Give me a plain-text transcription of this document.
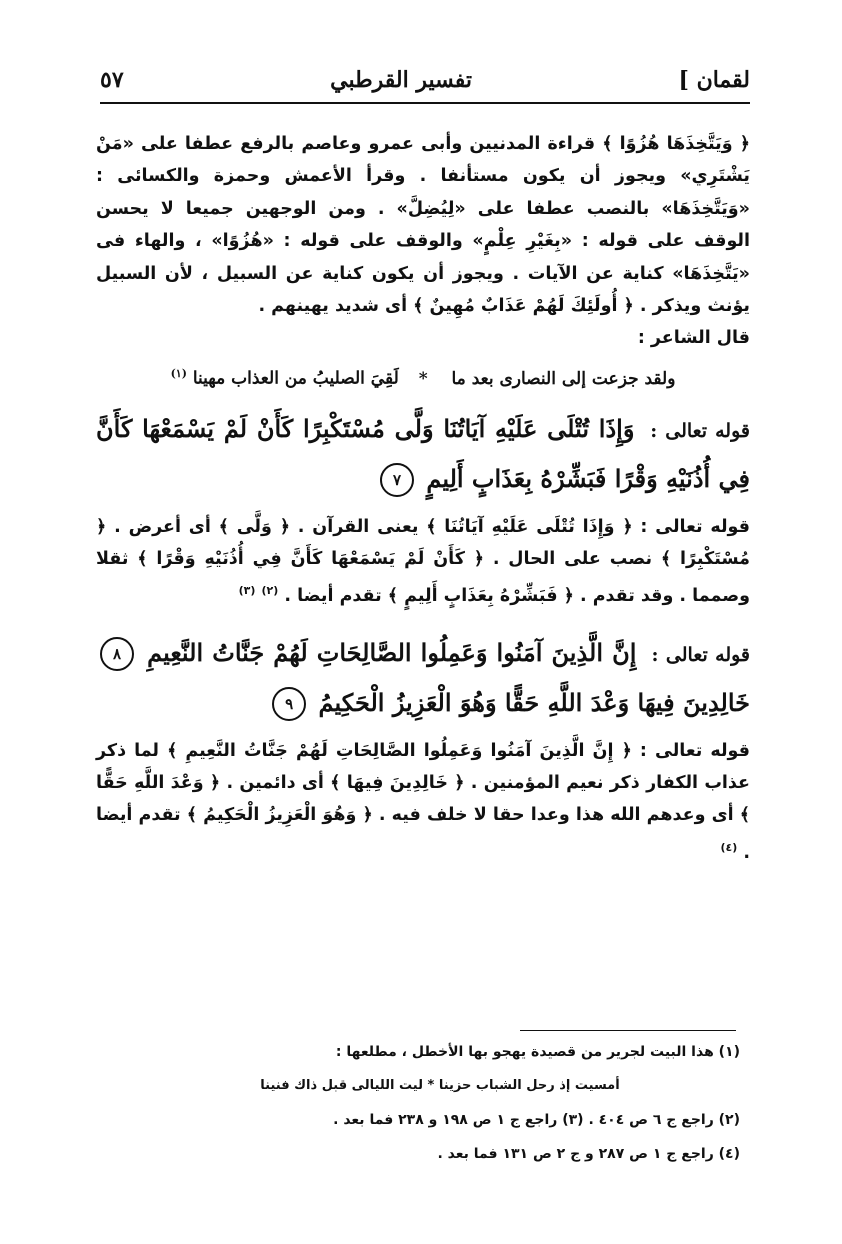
٥٧	تفسير القرطبي	لقمان ]

﴿ وَيَتَّخِذَهَا هُزُوًا ﴾ قراءة المدنيين وأبى عمرو وعاصم بالرفع عطفا على «مَنْ يَشْتَرِي» ويجوز أن يكون مستأنفا . وقرأ الأعمش وحمزة والكسائى : «وَيَتَّخِذَهَا» بالنصب عطفا على «لِيُضِلَّ» . ومن الوجهين جميعا لا يحسن الوقف على قوله : «بِغَيْرِ عِلْمٍ» والوقف على قوله : «هُزُوًا» ، والهاء فى «يَتَّخِذَهَا» كناية عن الآيات . ويجوز أن يكون كناية عن السبيل ، لأن السبيل يؤنث ويذكر . ﴿ أُولَئِكَ لَهُمْ عَذَابٌ مُهِينٌ ﴾ أى شديد يهينهم .

قال الشاعر :

ولقد جزعت إلى النصارى بعد ما * لَقِيَ الصليبُ من العذاب مهينا $^{(١)}$
قوله تعالى : وَإِذَا تُتْلَى عَلَيْهِ آيَاتُنَا وَلَّى مُسْتَكْبِرًا كَأَنْ لَمْ يَسْمَعْهَا كَأَنَّ فِي أُذُنَيْهِ وَقْرًا فَبَشِّرْهُ بِعَذَابٍ أَلِيمٍ ٧

قوله تعالى : ﴿ وَإِذَا تُتْلَى عَلَيْهِ آيَاتُنَا ﴾ يعنى القرآن . ﴿ وَلَّى ﴾ أى أعرض . ﴿ مُسْتَكْبِرًا ﴾ نصب على الحال . ﴿ كَأَنْ لَمْ يَسْمَعْهَا كَأَنَّ فِي أُذُنَيْهِ وَقْرًا ﴾ ثقلا وصمما . وقد تقدم . ﴿ فَبَشِّرْهُ بِعَذَابٍ أَلِيمٍ ﴾ تقدم أيضا . $^{(٢)}$ $^{(٣)}$

قوله تعالى : إِنَّ الَّذِينَ آمَنُوا وَعَمِلُوا الصَّالِحَاتِ لَهُمْ جَنَّاتُ النَّعِيمِ ٨ خَالِدِينَ فِيهَا وَعْدَ اللَّهِ حَقًّا وَهُوَ الْعَزِيزُ الْحَكِيمُ ٩

قوله تعالى : ﴿ إِنَّ الَّذِينَ آمَنُوا وَعَمِلُوا الصَّالِحَاتِ لَهُمْ جَنَّاتُ النَّعِيمِ ﴾ لما ذكر عذاب الكفار ذكر نعيم المؤمنين . ﴿ خَالِدِينَ فِيهَا ﴾ أى دائمين . ﴿ وَعْدَ اللَّهِ حَقًّا ﴾ أى وعدهم الله هذا وعدا حقا لا خلف فيه . ﴿ وَهُوَ الْعَزِيزُ الْحَكِيمُ ﴾ تقدم أيضا . $^{(٤)}$

(١) هذا البيت لجرير من قصيدة يهجو بها الأخطل ، مطلعها :

أمسيت إذ رحل الشباب حزينا * ليت الليالى قبل ذاك فنينا

(٢) راجع ج ٦ ص ٤٠٤ . (٣) راجع ج ١ ص ١٩٨ و ٢٣٨ فما بعد .

(٤) راجع ج ١ ص ٢٨٧ و ج ٢ ص ١٣١ فما بعد .
